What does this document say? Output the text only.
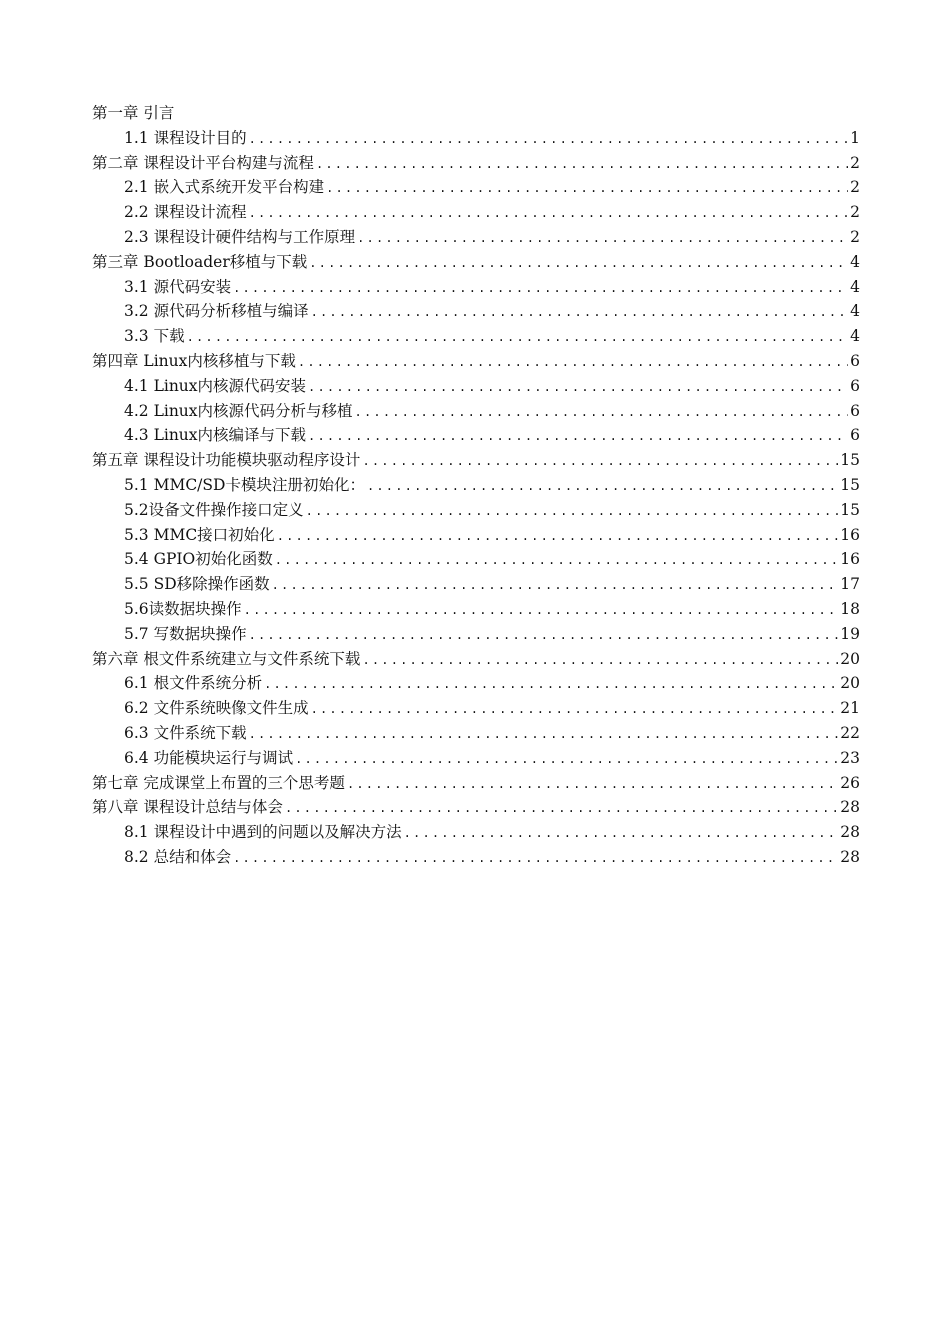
第一章 引言
1.1 课程设计目的 .....	1
第二章 课程设计平台构建与流程 .....	2
2.1 嵌入式系统开发平台构建 .....	2
2.2 课程设计流程 .....	2
2.3 课程设计硬件结构与工作原理 .....	2
第三章 Bootloader移植与下载 .....	4
3.1 源代码安装 .....	4
3.2 源代码分析移植与编译 .....	4
3.3 下载 .....	4
第四章 Linux内核移植与下载 .....	6
4.1 Linux内核源代码安装 .....	6
4.2 Linux内核源代码分析与移植 .....	6
4.3 Linux内核编译与下载 .....	6
第五章 课程设计功能模块驱动程序设计 .....	15
5.1 MMC/SD卡模块注册初始化： .....	15
5.2设备文件操作接口定义 .....	15
5.3 MMC接口初始化 .....	16
5.4 GPIO初始化函数 .....	16
5.5 SD移除操作函数 .....	17
5.6读数据块操作 .....	18
5.7 写数据块操作 .....	19
第六章 根文件系统建立与文件系统下载 .....	20
6.1 根文件系统分析 .....	20
6.2 文件系统映像文件生成 .....	21
6.3 文件系统下载 .....	22
6.4 功能模块运行与调试 .....	23
第七章 完成课堂上布置的三个思考题 .....	26
第八章 课程设计总结与体会 .....	28
8.1 课程设计中遇到的问题以及解决方法 .....	28
8.2 总结和体会 .....	28
